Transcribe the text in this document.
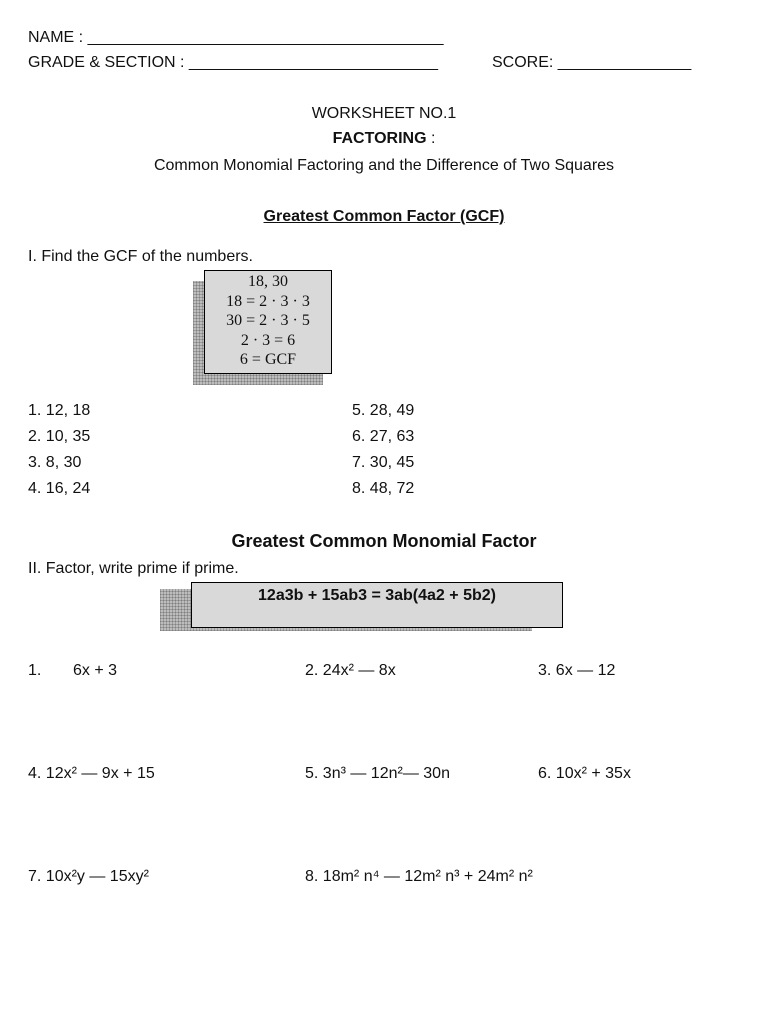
NAME : ________________________________________
GRADE & SECTION : ____________________________	SCORE: _______________
WORKSHEET NO.1
FACTORING :
Common Monomial Factoring and the Difference of Two Squares
Greatest Common Factor (GCF)
I. Find the GCF of the numbers.
18, 30
18 = 2 · 3 · 3
30 = 2 · 3 · 5
2 · 3 = 6
6 = GCF
1. 12, 18
2. 10, 35
3. 8, 30
4. 16, 24
5. 28, 49
6. 27, 63
7. 30, 45
8. 48, 72
Greatest Common Monomial Factor
II. Factor, write prime if prime.
12a3b + 15ab3 = 3ab(4a2 + 5b2)
1. 6x + 3	2. 24x² — 8x	3. 6x — 12
4. 12x² — 9x + 15	5. 3n³ — 12n²— 30n	6. 10x² + 35x
7. 10x²y — 15xy²	8. 18m² n⁴ — 12m² n³ + 24m² n²
